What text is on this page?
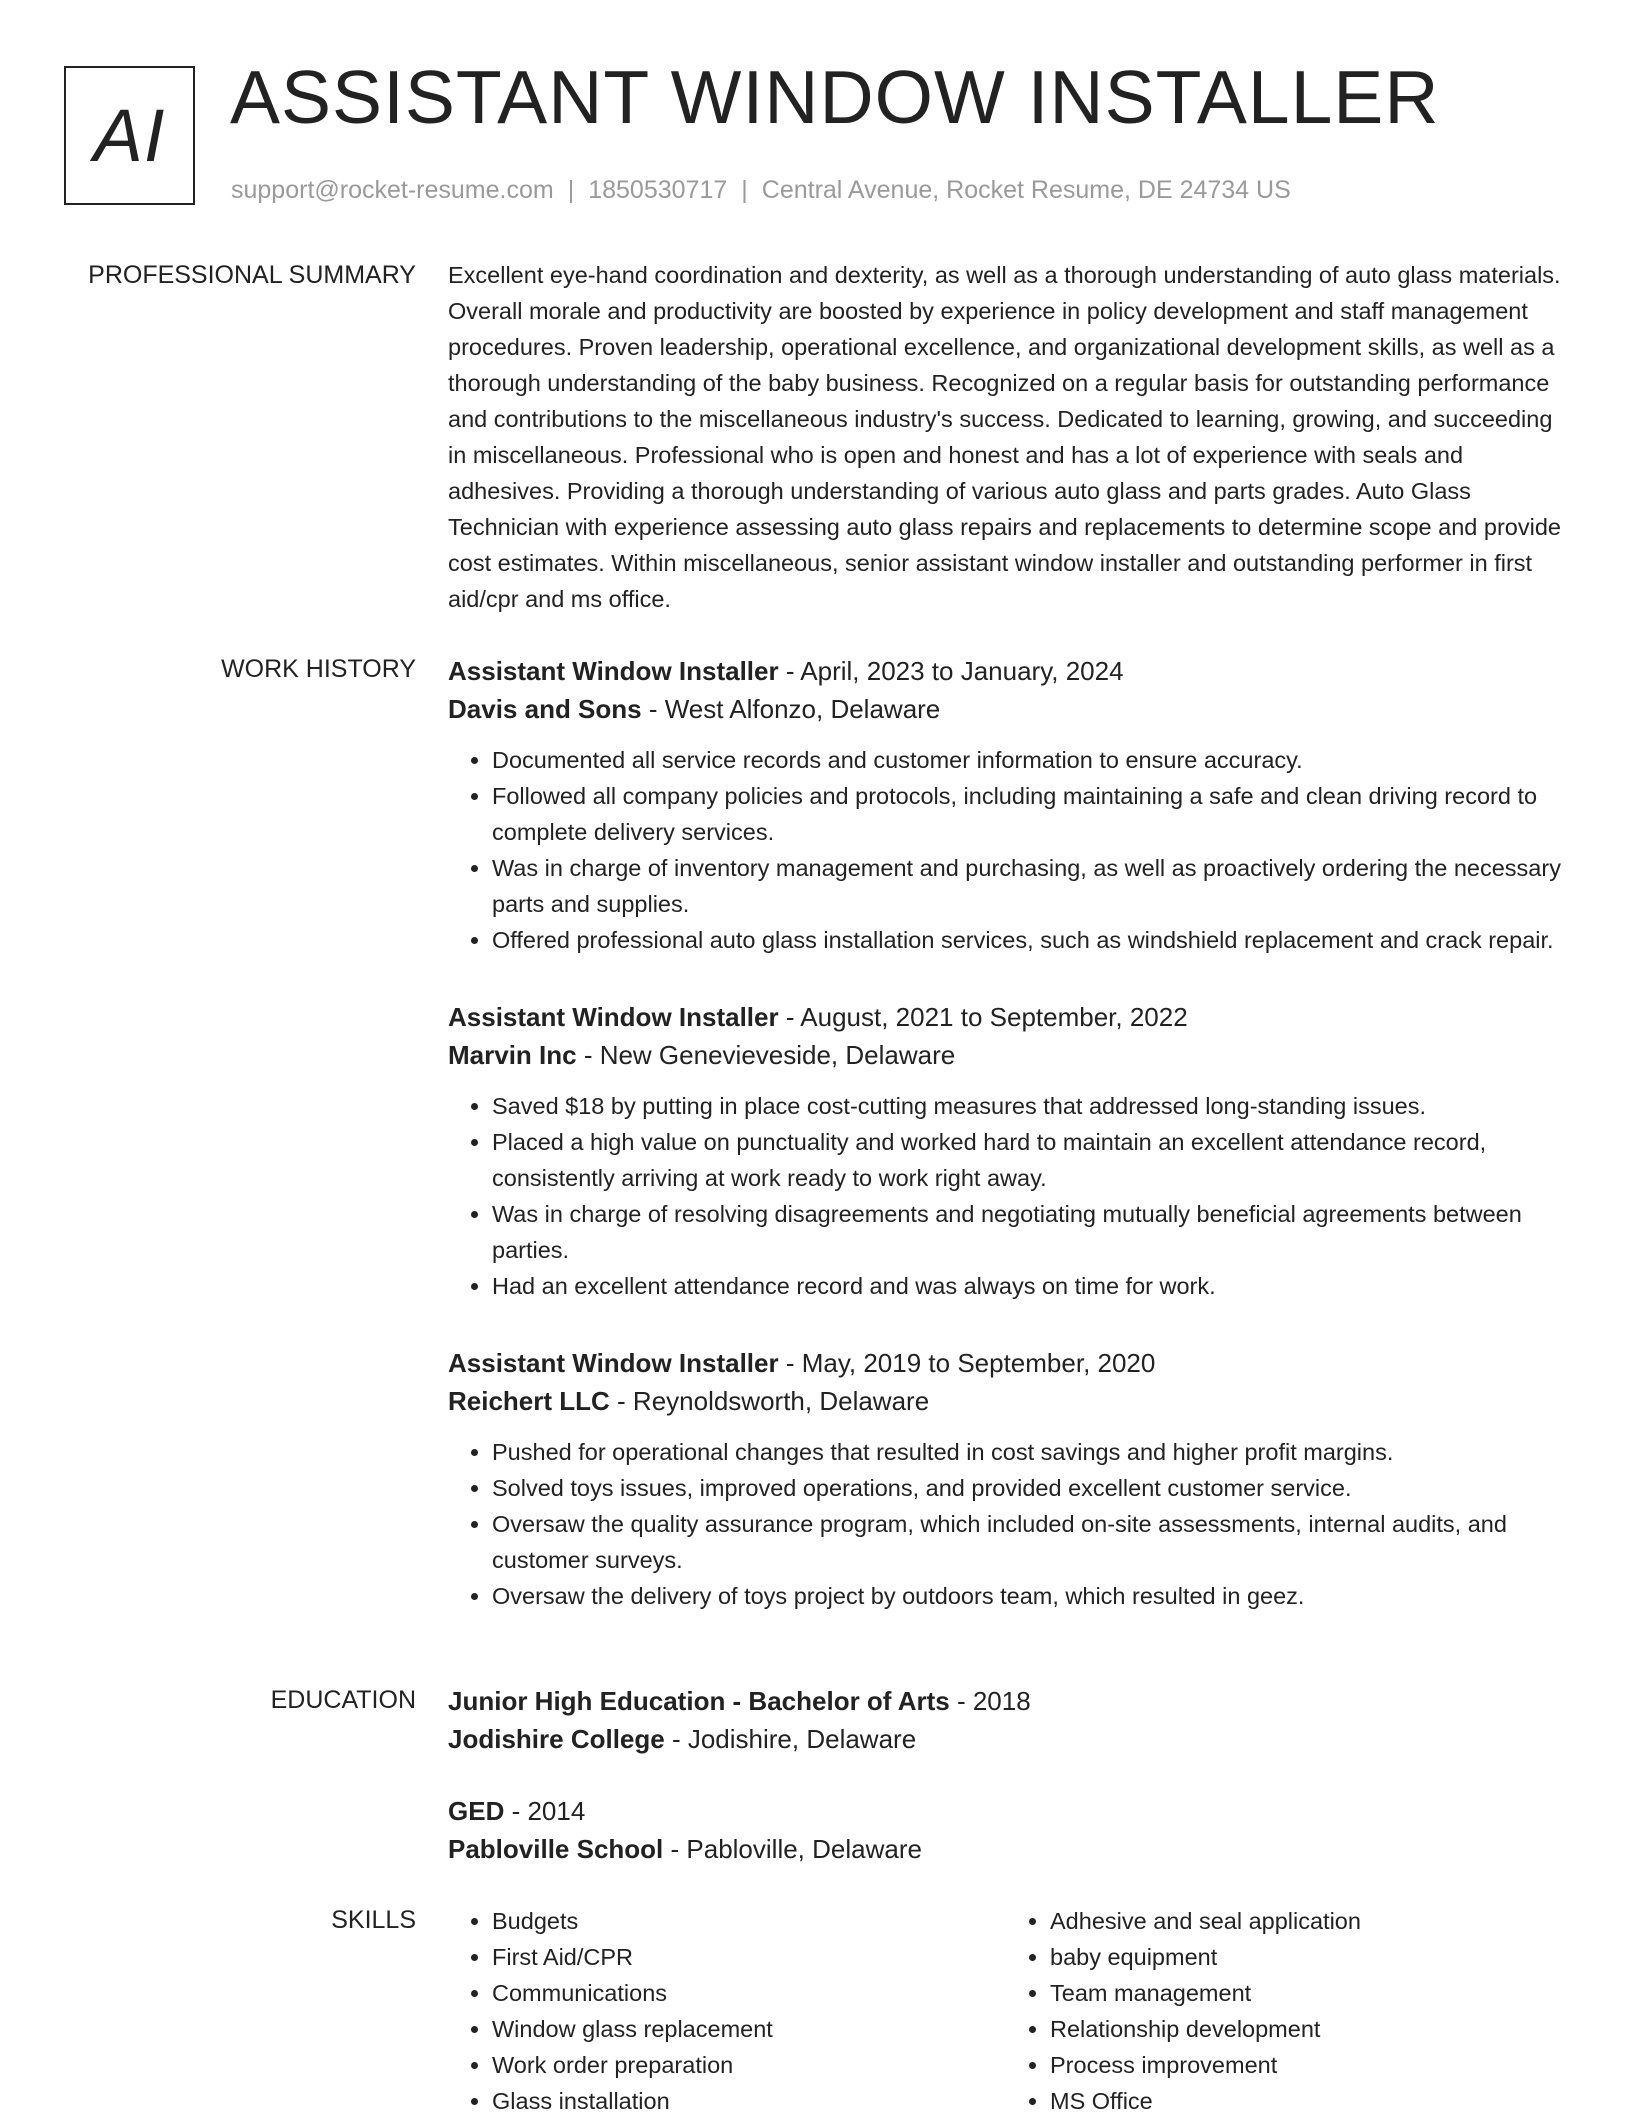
AI ASSISTANT WINDOW INSTALLER
support@rocket-resume.com | 1850530717 | Central Avenue, Rocket Resume, DE 24734 US
PROFESSIONAL SUMMARY Excellent eye-hand coordination and dexterity, as well as a thorough understanding of auto glass materials. Overall morale and productivity are boosted by experience in policy development and staff management procedures. Proven leadership, operational excellence, and organizational development skills, as well as a thorough understanding of the baby business. Recognized on a regular basis for outstanding performance and contributions to the miscellaneous industry's success. Dedicated to learning, growing, and succeeding in miscellaneous. Professional who is open and honest and has a lot of experience with seals and adhesives. Providing a thorough understanding of various auto glass and parts grades. Auto Glass Technician with experience assessing auto glass repairs and replacements to determine scope and provide cost estimates. Within miscellaneous, senior assistant window installer and outstanding performer in first aid/cpr and ms office.

WORK HISTORY Assistant Window Installer - April, 2023 to January, 2024
Davis and Sons - West Alfonzo, Delaware
• Documented all service records and customer information to ensure accuracy.
• Followed all company policies and protocols, including maintaining a safe and clean driving record to complete delivery services.
• Was in charge of inventory management and purchasing, as well as proactively ordering the necessary parts and supplies.
• Offered professional auto glass installation services, such as windshield replacement and crack repair.
Assistant Window Installer - August, 2021 to September, 2022
Marvin Inc - New Genevieveside, Delaware
• Saved $18 by putting in place cost-cutting measures that addressed long-standing issues.
• Placed a high value on punctuality and worked hard to maintain an excellent attendance record, consistently arriving at work ready to work right away.
• Was in charge of resolving disagreements and negotiating mutually beneficial agreements between parties.
• Had an excellent attendance record and was always on time for work.
Assistant Window Installer - May, 2019 to September, 2020
Reichert LLC - Reynoldsworth, Delaware
• Pushed for operational changes that resulted in cost savings and higher profit margins.
• Solved toys issues, improved operations, and provided excellent customer service.
• Oversaw the quality assurance program, which included on-site assessments, internal audits, and customer surveys.
• Oversaw the delivery of toys project by outdoors team, which resulted in geez.
EDUCATION Junior High Education - Bachelor of Arts - 2018
Jodishire College - Jodishire, Delaware
GED - 2014
Pabloville School - Pabloville, Delaware
SKILLS
•	Budgets
• First Aid/CPR
• Communications
• Window glass replacement
• Work order preparation
• Glass installation
• Adhesive and seal application
• baby equipment
• Team management
• Relationship development
• Process improvement
• MS Office
